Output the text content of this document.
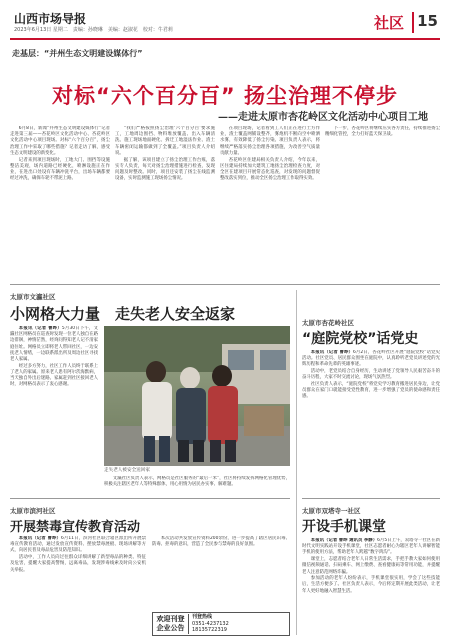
山西市场导报
2023年6月13日 星期二　责编：孙晓琳　美编：赵淑花　校对：牛君莉	社区 15
走基层：“并州生态文明建设媒体行”
对标“六个百分百” 扬尘治理不停步
——走进太原市杏花岭区文化活动中心项目工地

6月8日，新闻“并州生态文明建设媒体行”记者走进第三届——杏花岭区文化活动中心、杏花岭区文化活动中心项目现场。对标“六个百分百”，扬尘治理工作中采取了哪些措施？记者走访了解，感受生态文明建设的新变化。

记者来到项目现场时，工地大门、围挡等设施整洁美观，场内道路已经硬化，喷淋设施正在作业，在进出口处设有车辆冲洗平台，出场车辆都要经过冲洗，确保车轮不带泥上路。

“我们严格按照扬尘治理‘六个百分百’要求施工，工地周边围挡、物料堆放覆盖、出入车辆清洗、施工现场地面硬化、拆迁工地湿法作业、渣土车辆密闭运输都做到了全覆盖。”项目负责人介绍说。

据了解，该项目建立了扬尘治理工作台账，落实专人负责，每天对扬尘治理措施进行检查，发现问题及时整改。同时，项目还安装了扬尘在线监测设备，实时监测施工现场扬尘情况。

在项目现场，记者看到工人们正在进行土方作业，渣土覆盖网铺设整齐，雾炮机不断向空中喷洒水雾，有效降低了扬尘污染。项目负责人表示，将继续严格落实扬尘治理各项措施，为改善空气质量贡献力量。

杏花岭区住建局相关负责人介绍，今年以来，区住建局持续加大建筑工地扬尘治理检查力度，对全区在建项目开展常态化巡查，对发现的问题督促整改落实到位，推动全区扬尘治理工作取得实效。

下一步，杏花岭区将继续压实各方责任，持续推进扬尘精细化管控，全力打好蓝天保卫战。

太原市文瀛社区
小网格大力量　走失老人安全返家

本报讯（记者 曹晔）5月30日下午，文瀛社区网格员在巡查时发现一位老人独自在路边徘徊，神情茫然，经询问得知老人记不清家庭住址。网格员立即将老人带回社区，一边安抚老人情绪，一边联系派出所及周边社区寻找老人家属。

经过多方努力，社区工作人员终于联系上了老人的家属。原来老人患有阿尔茨海默病，当天独自外出后迷路。家属赶到社区接回老人时，对网格员表示了衷心感谢。

走失老人被安全送回家

文瀛社区负责人表示，网格员是社区服务的“最后一米”，社区将持续发挥网格化管理优势，积极关注辖区老年人等特殊群体，用心用情为居民办实事、解难题。

太原市杏花岭社区
“庭院党校”话党史

本报讯（记者 曹晔）6月2日，杏花岭社区开展“庭院党校”话党史活动。社区党员、居民群众围坐在庭院中，认真聆听老党员讲述党的光辉历程和革命先辈的英雄事迹。

活动中，老党员结合自身经历，生动讲述了党领导人民艰苦奋斗的奋斗历程，大家不时交流讨论，现场气氛热烈。

社区负责人表示，“庭院党校”将党史学习教育搬进居民身边，让党员群众在家门口就能接受党性教育，进一步增强了党员的使命感和责任感。

太原市滨河社区
开展禁毒宣传教育活动

本报讯（记者 曹晔）6月11日，滨河社区联合辖区派出所开展禁毒宣传教育活动，通过发放宣传资料、摆放禁毒展板、现场讲解等方式，向居民普及毒品危害及防范知识。

活动中，工作人员向过往群众详细讲解了新型毒品的种类、特征及危害，提醒大家提高警惕，远离毒品，发现涉毒线索及时向公安机关举报。

本次活动共发放宣传资料200余份，进一步提高了辖区居民识毒、防毒、拒毒的意识，营造了全民参与禁毒的良好氛围。

欢迎刊登企业公告
刊登热线
0351-4237132
18135722319
太原市双塔寺一社区
开设手机课堂

本报讯（记者 曹晔 通讯员 李静）6月5日上午，双塔寺一社区在新时代文明实践站开设手机课堂，社区志愿者耐心为辖区老年人讲解智能手机的使用方法，帮助老年人跨越“数字鸿沟”。

课堂上，志愿者结合老年人日常生活需求，手把手教大家如何使用微信视频通话、扫码乘车、网上缴费、查看健康码等常用功能，并提醒老人注意防范网络诈骗。

参加活动的老年人纷纷表示，手机课堂很实用，学会了这些技能后，生活方便多了。社区负责人表示，今后将定期开展此类活动，让老年人更好地融入智慧生活。
